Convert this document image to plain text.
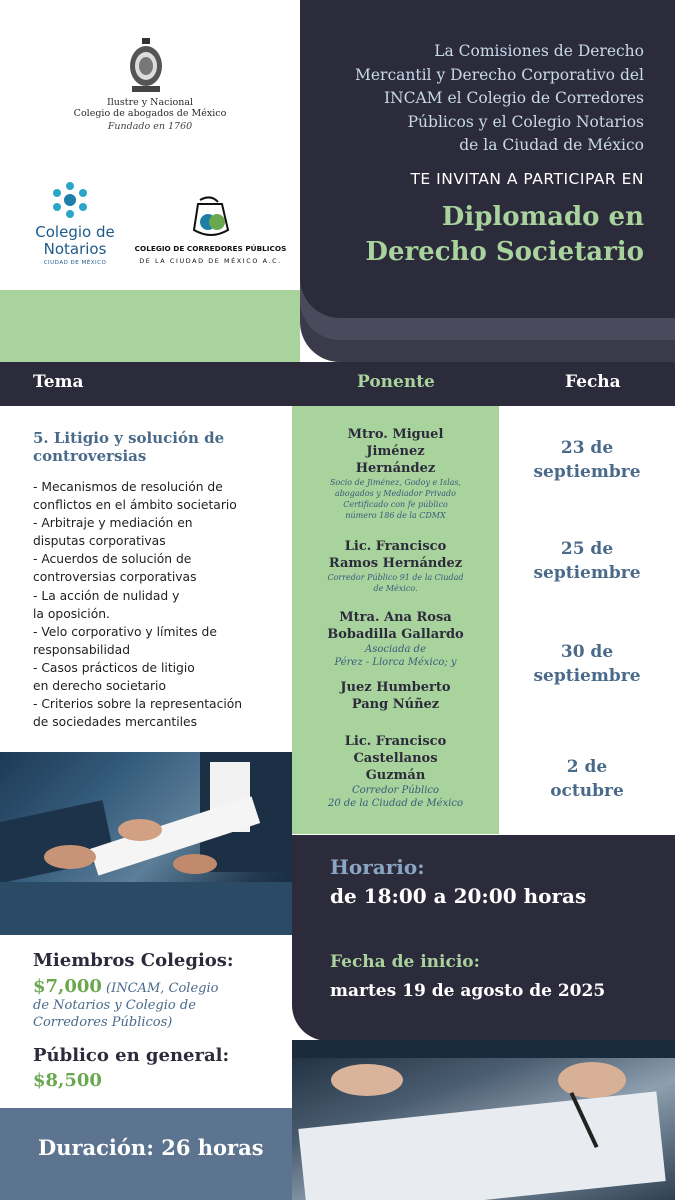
Ilustre y Nacional
Colegio de abogados de México
Fundado en 1760
Colegio de
Notarios
CIUDAD DE MÉXICO
COLEGIO DE CORREDORES PÚBLICOS
DE LA CIUDAD DE MÉXICO A.C.
La Comisiones de Derecho
Mercantil y Derecho Corporativo del
INCAM el Colegio de Corredores
Públicos y el Colegio Notarios
de la Ciudad de México
TE INVITAN A PARTICIPAR EN
Diplomado en
Derecho Societario
Tema	Ponente	Fecha
5. Litigio y solución de
controversias
- Mecanismos de resolución de
conflictos en el ámbito societario
- Arbitraje y mediación en
disputas corporativas
- Acuerdos de solución de
controversias corporativas
- La acción de nulidad y
la oposición.
- Velo corporativo y límites de
responsabilidad
- Casos prácticos de litigio
en derecho societario
- Criterios sobre la representación
de sociedades mercantiles
Mtro. Miguel
Jiménez
Hernández
Socio de Jiménez, Godoy e Islas,
abogados y Mediador Privado
Certificado con fe público
número 186 de la CDMX
Lic. Francisco
Ramos Hernández
Corredor Público 91 de la Ciudad
de México.
Mtra. Ana Rosa
Bobadilla Gallardo
Asociada de
Pérez - Llorca México; y
Juez Humberto
Pang Núñez
Lic. Francisco
Castellanos
Guzmán
Corredor Público
20 de la Ciudad de México
23 de
septiembre
25 de
septiembre
30 de
septiembre
2 de
octubre
Horario:
de 18:00 a 20:00 horas
Fecha de inicio:
martes 19 de agosto de 2025
Miembros Colegios:
$7,000 (INCAM, Colegio
de Notarios y Colegio de
Corredores Públicos)
Público en general:
$8,500
Duración: 26 horas
